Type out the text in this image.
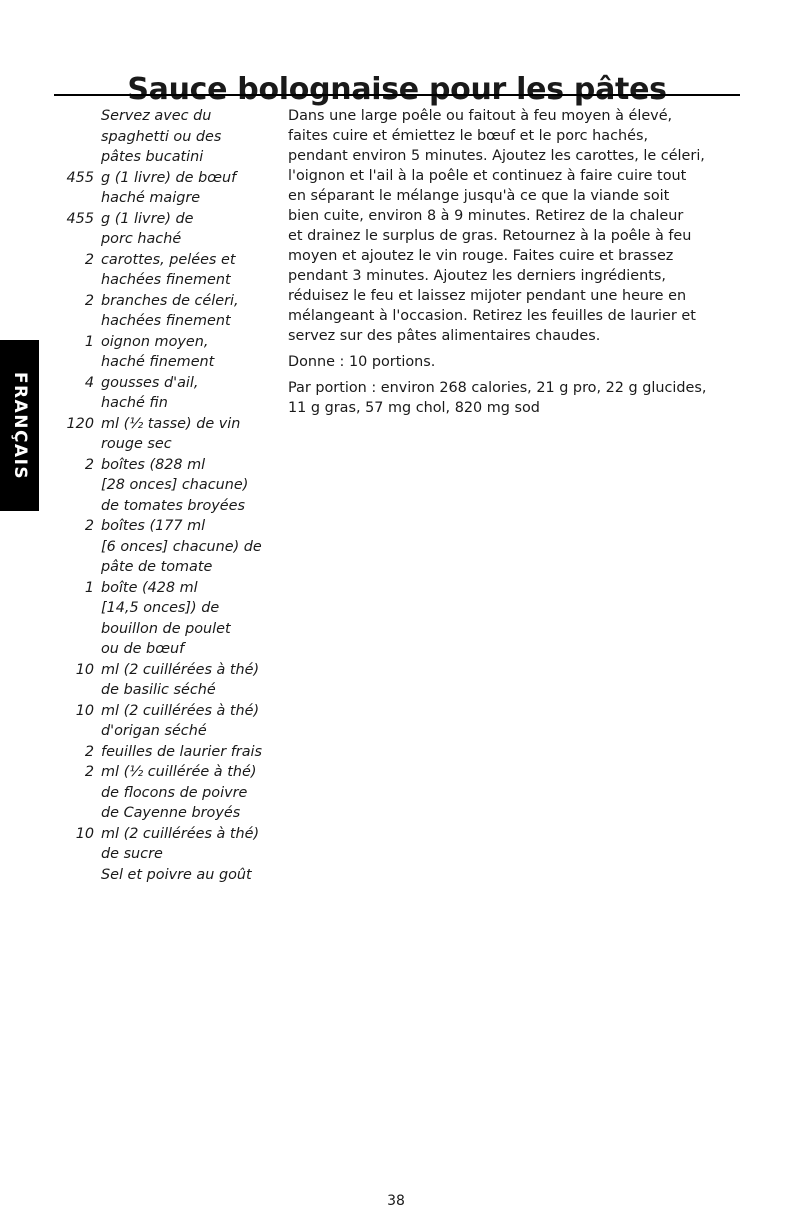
Sauce bolognaise pour les pâtes
FRANÇAIS
Servez avec du
spaghetti ou des
pâtes bucatini
455 g (1 livre) de bœuf
haché maigre
455 g (1 livre) de
porc haché
2 carottes, pelées et
hachées finement
2 branches de céleri,
hachées finement
1 oignon moyen,
haché finement
4 gousses d'ail,
haché fin
120 ml (½ tasse) de vin
rouge sec
2 boîtes (828 ml
[28 onces] chacune)
de tomates broyées
2 boîtes (177 ml
[6 onces] chacune) de
pâte de tomate
1 boîte (428 ml
[14,5 onces]) de
bouillon de poulet
ou de bœuf
10 ml (2 cuillérées à thé)
de basilic séché
10 ml (2 cuillérées à thé)
d'origan séché
2 feuilles de laurier frais
2 ml (½ cuillérée à thé)
de flocons de poivre
de Cayenne broyés
10 ml (2 cuillérées à thé)
de sucre
Sel et poivre au goût

Dans une large poêle ou faitout à feu moyen à élevé,
faites cuire et émiettez le bœuf et le porc hachés,
pendant environ 5 minutes. Ajoutez les carottes, le céleri,
l'oignon et l'ail à la poêle et continuez à faire cuire tout
en séparant le mélange jusqu'à ce que la viande soit
bien cuite, environ 8 à 9 minutes. Retirez de la chaleur
et drainez le surplus de gras. Retournez à la poêle à feu
moyen et ajoutez le vin rouge. Faites cuire et brassez
pendant 3 minutes. Ajoutez les derniers ingrédients,
réduisez le feu et laissez mijoter pendant une heure en
mélangeant à l'occasion. Retirez les feuilles de laurier et
servez sur des pâtes alimentaires chaudes.

Donne : 10 portions.

Par portion : environ 268 calories, 21 g pro, 22 g glucides,
11 g gras, 57 mg chol, 820 mg sod

38
